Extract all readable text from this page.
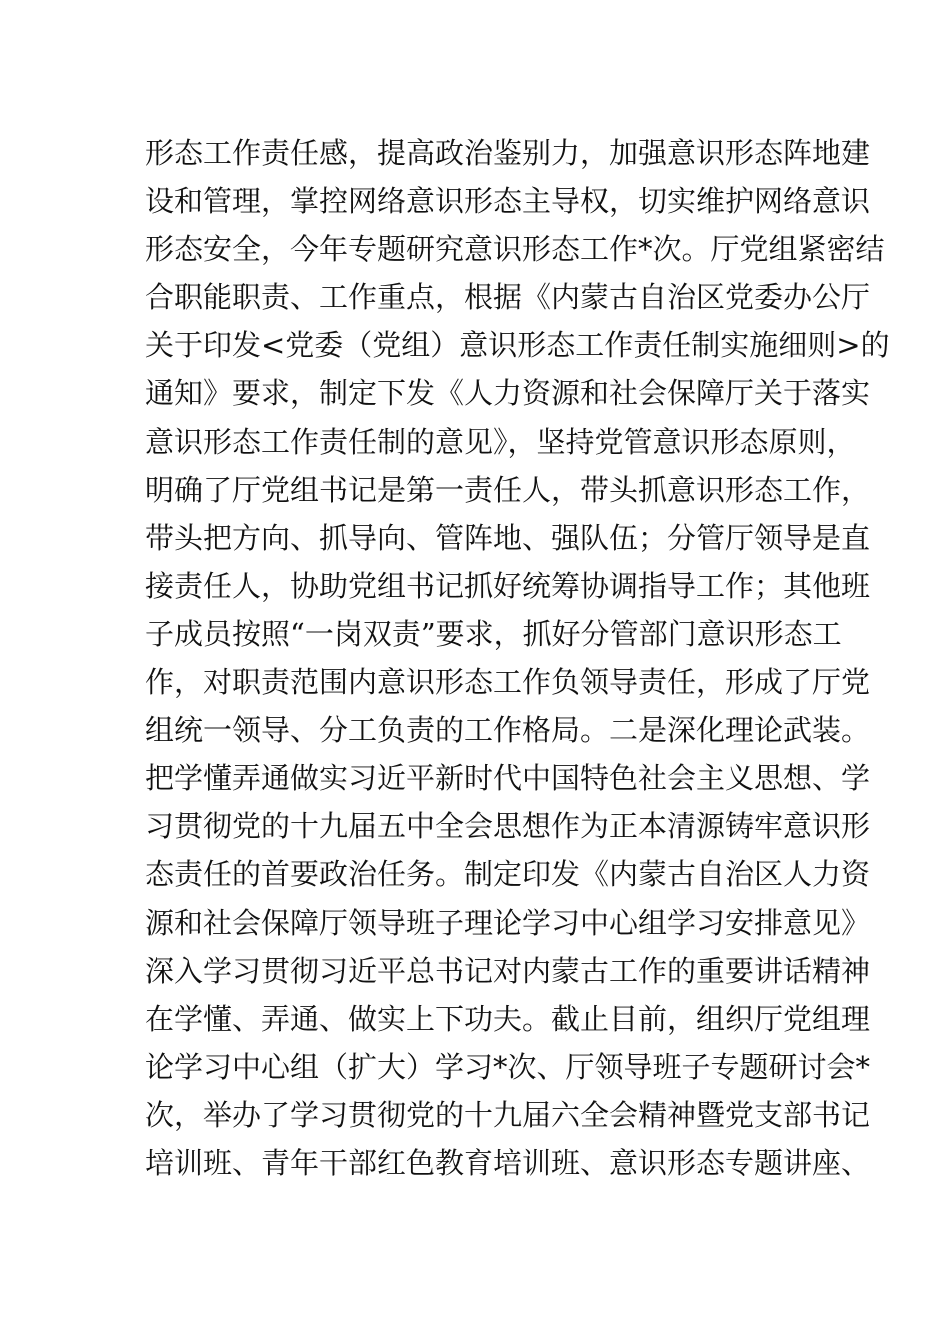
形态工作责任感，提高政治鉴别力，加强意识形态阵地建
设和管理，掌控网络意识形态主导权，切实维护网络意识
形态安全，今年专题研究意识形态工作*次。厅党组紧密结
合职能职责、工作重点，根据《内蒙古自治区党委办公厅
关于印发<党委（党组）意识形态工作责任制实施细则>的
通知》要求，制定下发《人力资源和社会保障厅关于落实
意识形态工作责任制的意见》，坚持党管意识形态原则，
明确了厅党组书记是第一责任人，带头抓意识形态工作，
带头把方向、抓导向、管阵地、强队伍；分管厅领导是直
接责任人，协助党组书记抓好统筹协调指导工作；其他班
子成员按照“一岗双责”要求，抓好分管部门意识形态工
作，对职责范围内意识形态工作负领导责任，形成了厅党
组统一领导、分工负责的工作格局。二是深化理论武装。
把学懂弄通做实习近平新时代中国特色社会主义思想、学
习贯彻党的十九届五中全会思想作为正本清源铸牢意识形
态责任的首要政治任务。制定印发《内蒙古自治区人力资
源和社会保障厅领导班子理论学习中心组学习安排意见》
深入学习贯彻习近平总书记对内蒙古工作的重要讲话精神
在学懂、弄通、做实上下功夫。截止目前，组织厅党组理
论学习中心组（扩大）学习*次、厅领导班子专题研讨会*
次，举办了学习贯彻党的十九届六全会精神暨党支部书记
培训班、青年干部红色教育培训班、意识形态专题讲座、
